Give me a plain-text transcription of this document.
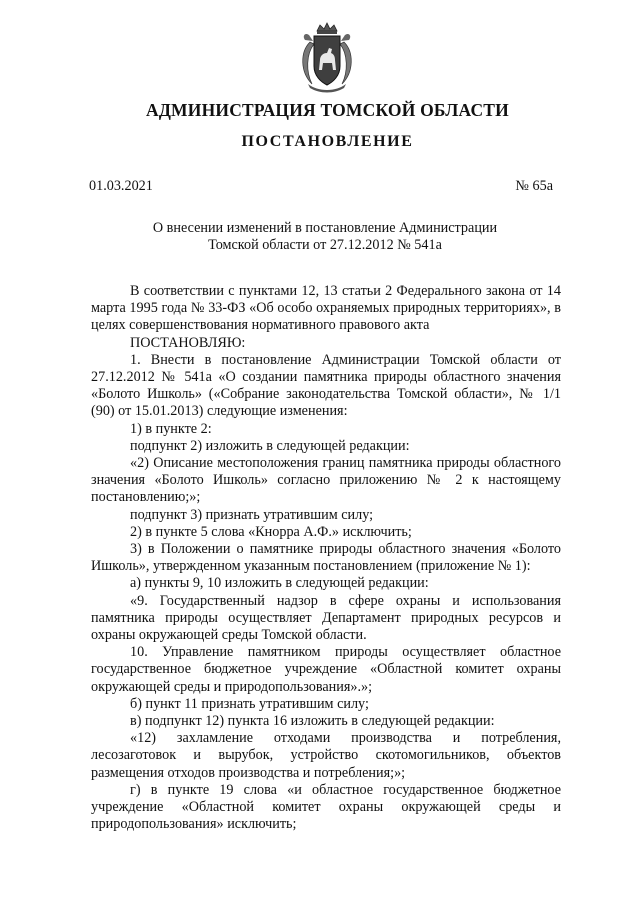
АДМИНИСТРАЦИЯ ТОМСКОЙ ОБЛАСТИ
ПОСТАНОВЛЕНИЕ
01.03.2021	№ 65а
О внесении изменений в постановление Администрации
Томской области от 27.12.2012 № 541а

В соответствии с пунктами 12, 13 статьи 2 Федерального закона от 14 марта 1995 года № 33-ФЗ «Об особо охраняемых природных территориях», в целях совершенствования нормативного правового акта

ПОСТАНОВЛЯЮ:

1. Внести в постановление Администрации Томской области от 27.12.2012 № 541а «О создании памятника природы областного значения «Болото Ишколь» («Собрание законодательства Томской области», № 1/1 (90) от 15.01.2013) следующие изменения:

1) в пункте 2:

подпункт 2) изложить в следующей редакции:

«2) Описание местоположения границ памятника природы областного значения «Болото Ишколь» согласно приложению № 2 к настоящему постановлению;»;

подпункт 3) признать утратившим силу;

2) в пункте 5 слова «Кнорра А.Ф.» исключить;

3) в Положении о памятнике природы областного значения «Болото Ишколь», утвержденном указанным постановлением (приложение № 1):

а) пункты 9, 10 изложить в следующей редакции:

«9. Государственный надзор в сфере охраны и использования памятника природы осуществляет Департамент природных ресурсов и охраны окружающей среды Томской области.

10. Управление памятником природы осуществляет областное государственное бюджетное учреждение «Областной комитет охраны окружающей среды и природопользования».»;

б) пункт 11 признать утратившим силу;

в) подпункт 12) пункта 16 изложить в следующей редакции:

«12) захламление отходами производства и потребления, лесозаготовок и вырубок, устройство скотомогильников, объектов размещения отходов производства и потребления;»;

г) в пункте 19 слова «и областное государственное бюджетное учреждение «Областной комитет охраны окружающей среды и природопользования» исключить;
